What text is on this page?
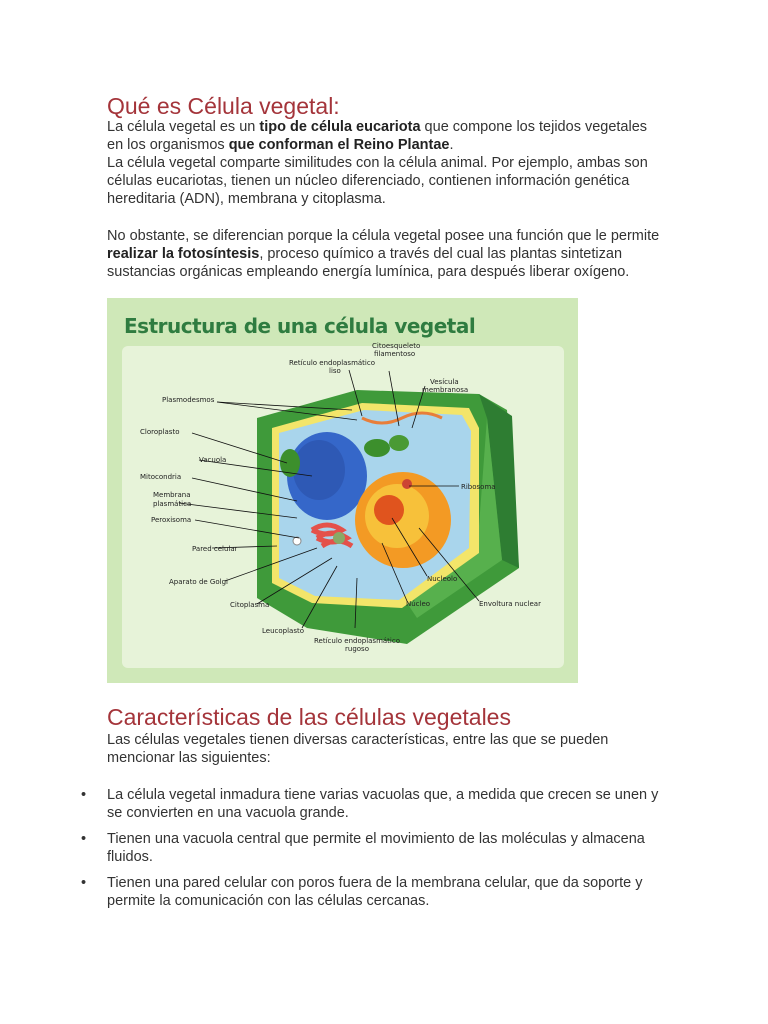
Qué es Célula vegetal:

La célula vegetal es un tipo de célula eucariota que compone los tejidos vegetales en los organismos que conforman el Reino Plantae.
La célula vegetal comparte similitudes con la célula animal. Por ejemplo, ambas son células eucariotas, tienen un núcleo diferenciado, contienen información genética hereditaria (ADN), membrana y citoplasma.

No obstante, se diferencian porque la célula vegetal posee una función que le permite realizar la fotosíntesis, proceso químico a través del cual las plantas sintetizan sustancias orgánicas empleando energía lumínica, para después liberar oxígeno.

Estructura de una célula vegetal
Citoesqueleto
filamentoso
Retículo endoplasmático
liso
Vesícula
membranosa
Plasmodesmos
Cloroplasto
Vacuola
Mitocondria
Membrana
plasmática
Peroxisoma
Pared celular
Aparato de Golgi
Citoplasma
Leucoplasto
Retículo endoplasmático
rugoso
Ribosoma
Nucleolo
Núcleo	Envoltura nuclear
Características de las células vegetales

Las células vegetales tienen diversas características, entre las que se pueden mencionar las siguientes:

• La célula vegetal inmadura tiene varias vacuolas que, a medida que crecen se unen y se convierten en una vacuola grande.
• Tienen una vacuola central que permite el movimiento de las moléculas y almacena fluidos.
• Tienen una pared celular con poros fuera de la membrana celular, que da soporte y permite la comunicación con las células cercanas.
